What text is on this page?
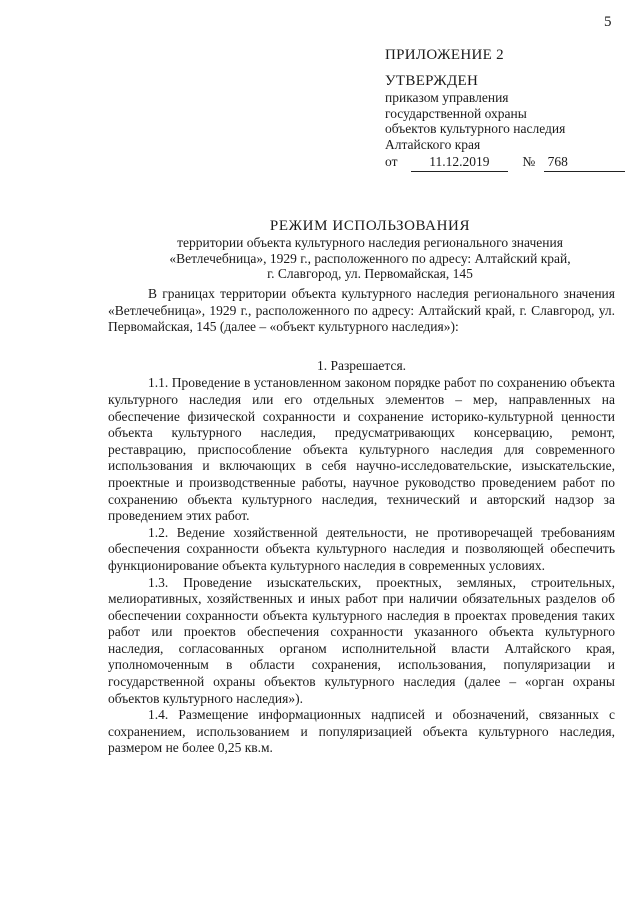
5
ПРИЛОЖЕНИЕ 2
УТВЕРЖДЕН
приказом управления
государственной охраны
объектов культурного наследия
Алтайского края
от	11.12.2019	№ 768
РЕЖИМ ИСПОЛЬЗОВАНИЯ
территории объекта культурного наследия регионального значения
«Ветлечебница», 1929 г., расположенного по адресу: Алтайский край,
г. Славгород, ул. Первомайская, 145

В границах территории объекта культурного наследия регионального значения «Ветлечебница», 1929 г., расположенного по адресу: Алтайский край, г. Славгород, ул. Первомайская, 145 (далее – «объект культурного наследия»):

1. Разрешается.

1.1. Проведение в установленном законом порядке работ по сохранению объекта культурного наследия или его отдельных элементов – мер, направленных на обеспечение физической сохранности и сохранение историко-культурной ценности объекта культурного наследия, предусматривающих консервацию, ремонт, реставрацию, приспособление объекта культурного наследия для современного использования и включающих в себя научно-исследовательские, изыскательские, проектные и производственные работы, научное руководство проведением работ по сохранению объекта культурного наследия, технический и авторский надзор за проведением этих работ.

1.2. Ведение хозяйственной деятельности, не противоречащей требованиям обеспечения сохранности объекта культурного наследия и позволяющей обеспечить функционирование объекта культурного наследия в современных условиях.

1.3. Проведение изыскательских, проектных, земляных, строительных, мелиоративных, хозяйственных и иных работ при наличии обязательных разделов об обеспечении сохранности объекта культурного наследия в проектах проведения таких работ или проектов обеспечения сохранности указанного объекта культурного наследия, согласованных органом исполнительной власти Алтайского края, уполномоченным в области сохранения, использования, популяризации и государственной охраны объектов культурного наследия (далее – «орган охраны объектов культурного наследия»).

1.4. Размещение информационных надписей и обозначений, связанных с сохранением, использованием и популяризацией объекта культурного наследия, размером не более 0,25 кв.м.
